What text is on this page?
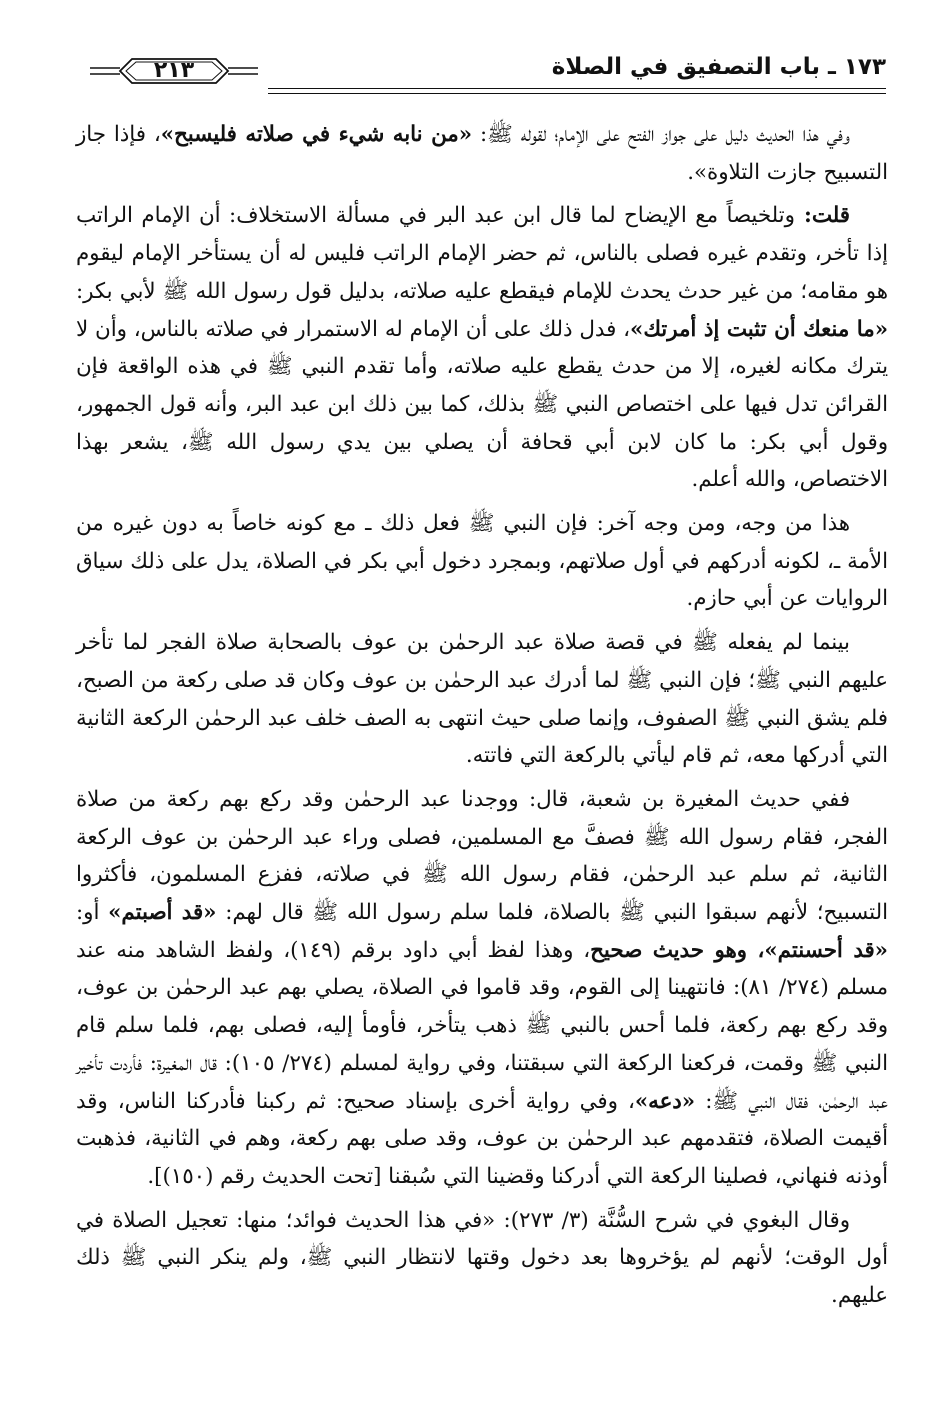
١٧٣ ـ باب التصفيق في الصلاة
٢١٣

وفي هذا الحديث دليل على جواز الفتح على الإمام؛ لقوله ﷺ: «من نابه شيء في صلاته فليسبح»، فإذا جاز التسبيح جازت التلاوة».

قلت: وتلخيصاً مع الإيضاح لما قال ابن عبد البر في مسألة الاستخلاف: أن الإمام الراتب إذا تأخر، وتقدم غيره فصلى بالناس، ثم حضر الإمام الراتب فليس له أن يستأخر الإمام ليقوم هو مقامه؛ من غير حدث يحدث للإمام فيقطع عليه صلاته، بدليل قول رسول الله ﷺ لأبي بكر: «ما منعك أن تثبت إذ أمرتك»، فدل ذلك على أن الإمام له الاستمرار في صلاته بالناس، وأن لا يترك مكانه لغيره، إلا من حدث يقطع عليه صلاته، وأما تقدم النبي ﷺ في هذه الواقعة فإن القرائن تدل فيها على اختصاص النبي ﷺ بذلك، كما بين ذلك ابن عبد البر، وأنه قول الجمهور، وقول أبي بكر: ما كان لابن أبي قحافة أن يصلي بين يدي رسول الله ﷺ، يشعر بهذا الاختصاص، والله أعلم.

هذا من وجه، ومن وجه آخر: فإن النبي ﷺ فعل ذلك ـ مع كونه خاصاً به دون غيره من الأمة ـ، لكونه أدركهم في أول صلاتهم، وبمجرد دخول أبي بكر في الصلاة، يدل على ذلك سياق الروايات عن أبي حازم.

بينما لم يفعله ﷺ في قصة صلاة عبد الرحمٰن بن عوف بالصحابة صلاة الفجر لما تأخر عليهم النبي ﷺ؛ فإن النبي ﷺ لما أدرك عبد الرحمٰن بن عوف وكان قد صلى ركعة من الصبح، فلم يشق النبي ﷺ الصفوف، وإنما صلى حيث انتهى به الصف خلف عبد الرحمٰن الركعة الثانية التي أدركها معه، ثم قام ليأتي بالركعة التي فاتته.

ففي حديث المغيرة بن شعبة، قال: ووجدنا عبد الرحمٰن وقد ركع بهم ركعة من صلاة الفجر، فقام رسول الله ﷺ فصفَّ مع المسلمين، فصلى وراء عبد الرحمٰن بن عوف الركعة الثانية، ثم سلم عبد الرحمٰن، فقام رسول الله ﷺ في صلاته، ففزع المسلمون، فأكثروا التسبيح؛ لأنهم سبقوا النبي ﷺ بالصلاة، فلما سلم رسول الله ﷺ قال لهم: «قد أصبتم» أو: «قد أحسنتم»، وهو حديث صحيح، وهذا لفظ أبي داود برقم (١٤٩)، ولفظ الشاهد منه عند مسلم (٢٧٤/ ٨١): فانتهينا إلى القوم، وقد قاموا في الصلاة، يصلي بهم عبد الرحمٰن بن عوف، وقد ركع بهم ركعة، فلما أحس بالنبي ﷺ ذهب يتأخر، فأومأ إليه، فصلى بهم، فلما سلم قام النبي ﷺ وقمت، فركعنا الركعة التي سبقتنا، وفي رواية لمسلم (٢٧٤/ ١٠٥): قال المغيرة: فأردت تأخير عبد الرحمٰن، فقال النبي ﷺ: «دعه»، وفي رواية أخرى بإسناد صحيح: ثم ركبنا فأدركنا الناس، وقد أقيمت الصلاة، فتقدمهم عبد الرحمٰن بن عوف، وقد صلى بهم ركعة، وهم في الثانية، فذهبت أوذنه فنهاني، فصلينا الركعة التي أدركنا وقضينا التي سُبقنا [تحت الحديث رقم (١٥٠)].

وقال البغوي في شرح السُّنَّة (٣/ ٢٧٣): «في هذا الحديث فوائد؛ منها: تعجيل الصلاة في أول الوقت؛ لأنهم لم يؤخروها بعد دخول وقتها لانتظار النبي ﷺ، ولم ينكر النبي ﷺ ذلك عليهم.
